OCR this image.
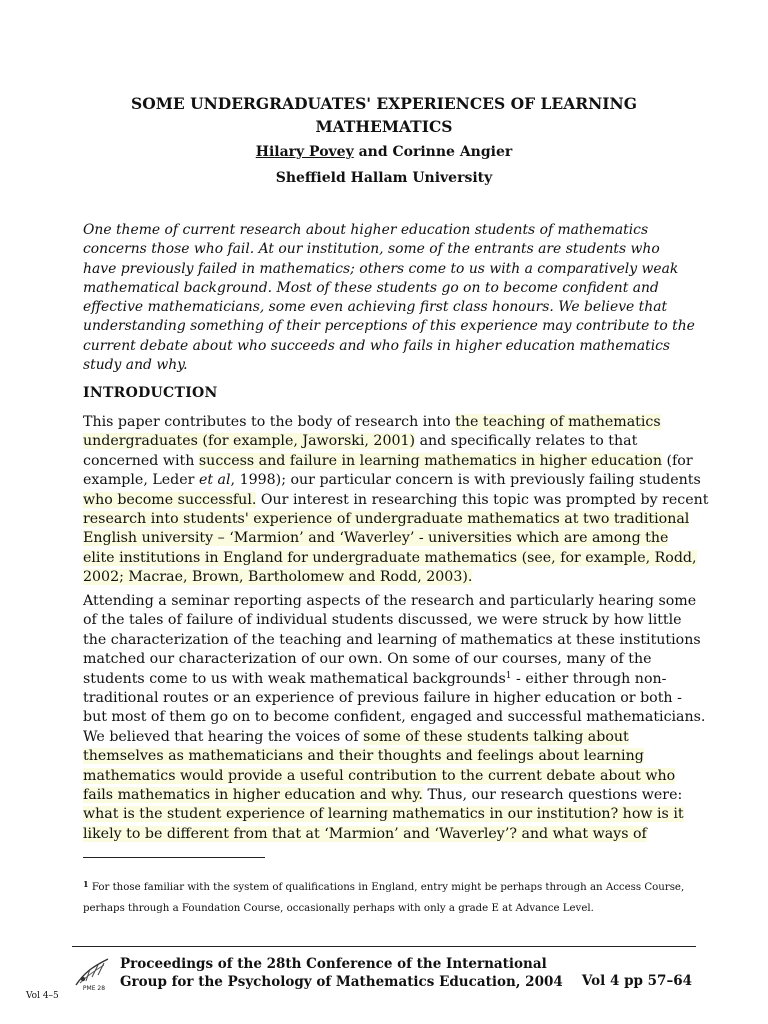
SOME UNDERGRADUATES' EXPERIENCES OF LEARNING
MATHEMATICS
Hilary Povey and Corinne Angier
Sheffield Hallam University

One theme of current research about higher education students of mathematics concerns those who fail. At our institution, some of the entrants are students who have previously failed in mathematics; others come to us with a comparatively weak mathematical background. Most of these students go on to become confident and effective mathematicians, some even achieving first class honours. We believe that understanding something of their perceptions of this experience may contribute to the current debate about who succeeds and who fails in higher education mathematics study and why.

INTRODUCTION
This paper contributes to the body of research into the teaching of mathematics
undergraduates (for example, Jaworski, 2001) and specifically relates to that
concerned with success and failure in learning mathematics in higher education (for
example, Leder et al, 1998); our particular concern is with previously failing students
who become successful. Our interest in researching this topic was prompted by recent
research into students' experience of undergraduate mathematics at two traditional
English university – ‘Marmion’ and ‘Waverley’ - universities which are among the
elite institutions in England for undergraduate mathematics (see, for example, Rodd,
2002; Macrae, Brown, Bartholomew and Rodd, 2003).
Attending a seminar reporting aspects of the research and particularly hearing some
of the tales of failure of individual students discussed, we were struck by how little
the characterization of the teaching and learning of mathematics at these institutions
matched our characterization of our own. On some of our courses, many of the
students come to us with weak mathematical backgrounds$^1$ - either through non-
traditional routes or an experience of previous failure in higher education or both -
but most of them go on to become confident, engaged and successful mathematicians.
We believed that hearing the voices of some of these students talking about
themselves as mathematicians and their thoughts and feelings about learning
mathematics would provide a useful contribution to the current debate about who
fails mathematics in higher education and why. Thus, our research questions were:
what is the student experience of learning mathematics in our institution? how is it
likely to be different from that at ‘Marmion’ and ‘Waverley’? and what ways of
$^1$ For those familiar with the system of qualifications in England, entry might be perhaps through an Access Course,
perhaps through a Foundation Course, occasionally perhaps with only a grade E at Advance Level.
PME 28
Proceedings of the 28th Conference of the International
Group for the Psychology of Mathematics Education, 2004 Vol 4 pp 57–64
Vol 4–5
